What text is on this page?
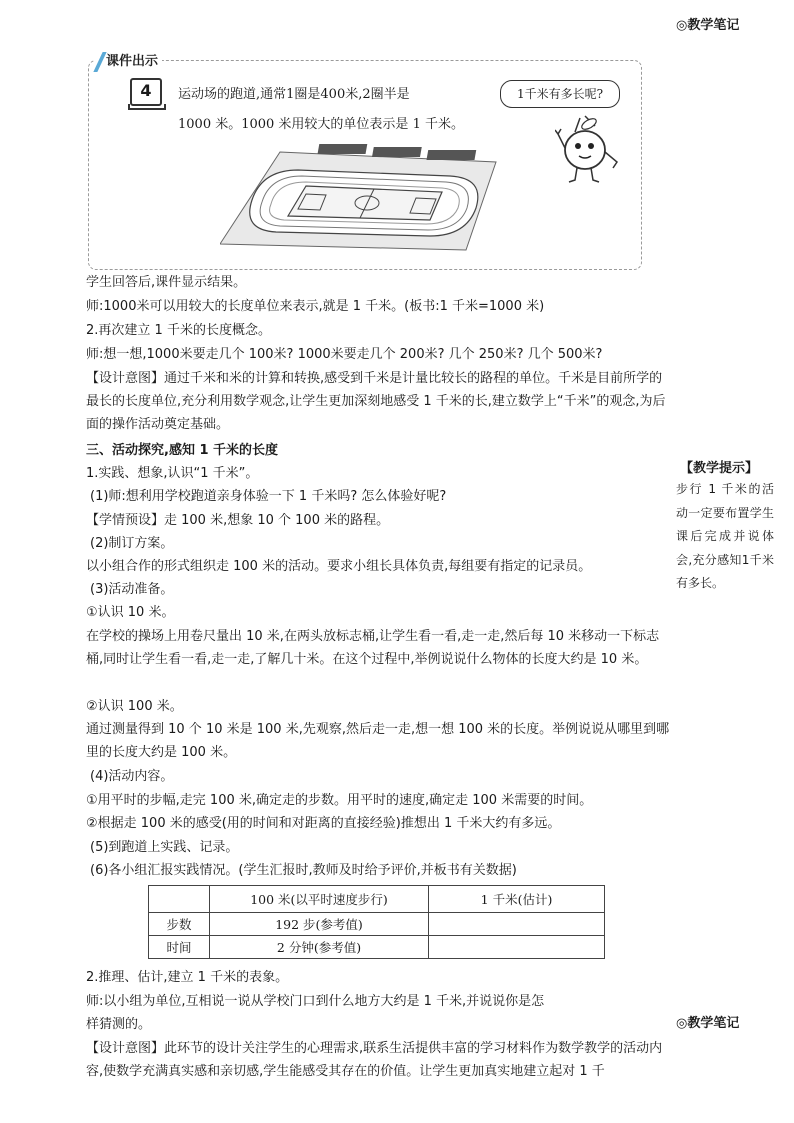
◎教学笔记
课件出示
4	运动场的跑道,通常1圈是400米,2圈半是
1000 米。1000 米用较大的单位表示是 1 千米。
1千米有多长呢?
学生回答后,课件显示结果。
师:1000米可以用较大的长度单位来表示,就是 1 千米。(板书:1 千米=1000 米)
2.再次建立 1 千米的长度概念。
师:想一想,1000米要走几个 100米? 1000米要走几个 200米? 几个 250米? 几个 500米?
【设计意图】通过千米和米的计算和转换,感受到千米是计量比较长的路程的单位。千米是目前所学的最长的长度单位,充分利用数学观念,让学生更加深刻地感受 1 千米的长,建立数学上“千米”的观念,为后面的操作活动奠定基础。
三、活动探究,感知 1 千米的长度
1.实践、想象,认识“1 千米”。
(1)师:想利用学校跑道亲身体验一下 1 千米吗? 怎么体验好呢?
【学情预设】走 100 米,想象 10 个 100 米的路程。
(2)制订方案。
以小组合作的形式组织走 100 米的活动。要求小组长具体负责,每组要有指定的记录员。
(3)活动准备。
①认识 10 米。
在学校的操场上用卷尺量出 10 米,在两头放标志桶,让学生看一看,走一走,然后每 10 米移动一下标志桶,同时让学生看一看,走一走,了解几十米。在这个过程中,举例说说什么物体的长度大约是 10 米。
②认识 100 米。
通过测量得到 10 个 10 米是 100 米,先观察,然后走一走,想一想 100 米的长度。举例说说从哪里到哪里的长度大约是 100 米。
(4)活动内容。
①用平时的步幅,走完 100 米,确定走的步数。用平时的速度,确定走 100 米需要的时间。
②根据走 100 米的感受(用的时间和对距离的直接经验)推想出 1 千米大约有多远。
(5)到跑道上实践、记录。
(6)各小组汇报实践情况。(学生汇报时,教师及时给予评价,并板书有关数据)
	100 米(以平时速度步行)	1 千米(估计)
步数	192 步(参考值)	
时间	2 分钟(参考值)	
2.推理、估计,建立 1 千米的表象。
师:以小组为单位,互相说一说从学校门口到什么地方大约是 1 千米,并说说你是怎
样猜测的。
【设计意图】此环节的设计关注学生的心理需求,联系生活提供丰富的学习材料作为数学教学的活动内容,使数学充满真实感和亲切感,学生能感受其存在的价值。让学生更加真实地建立起对 1 千
【教学提示】
步行 1 千米的活动一定要布置学生课后完成并说体会,充分感知1千米有多长。
◎教学笔记
